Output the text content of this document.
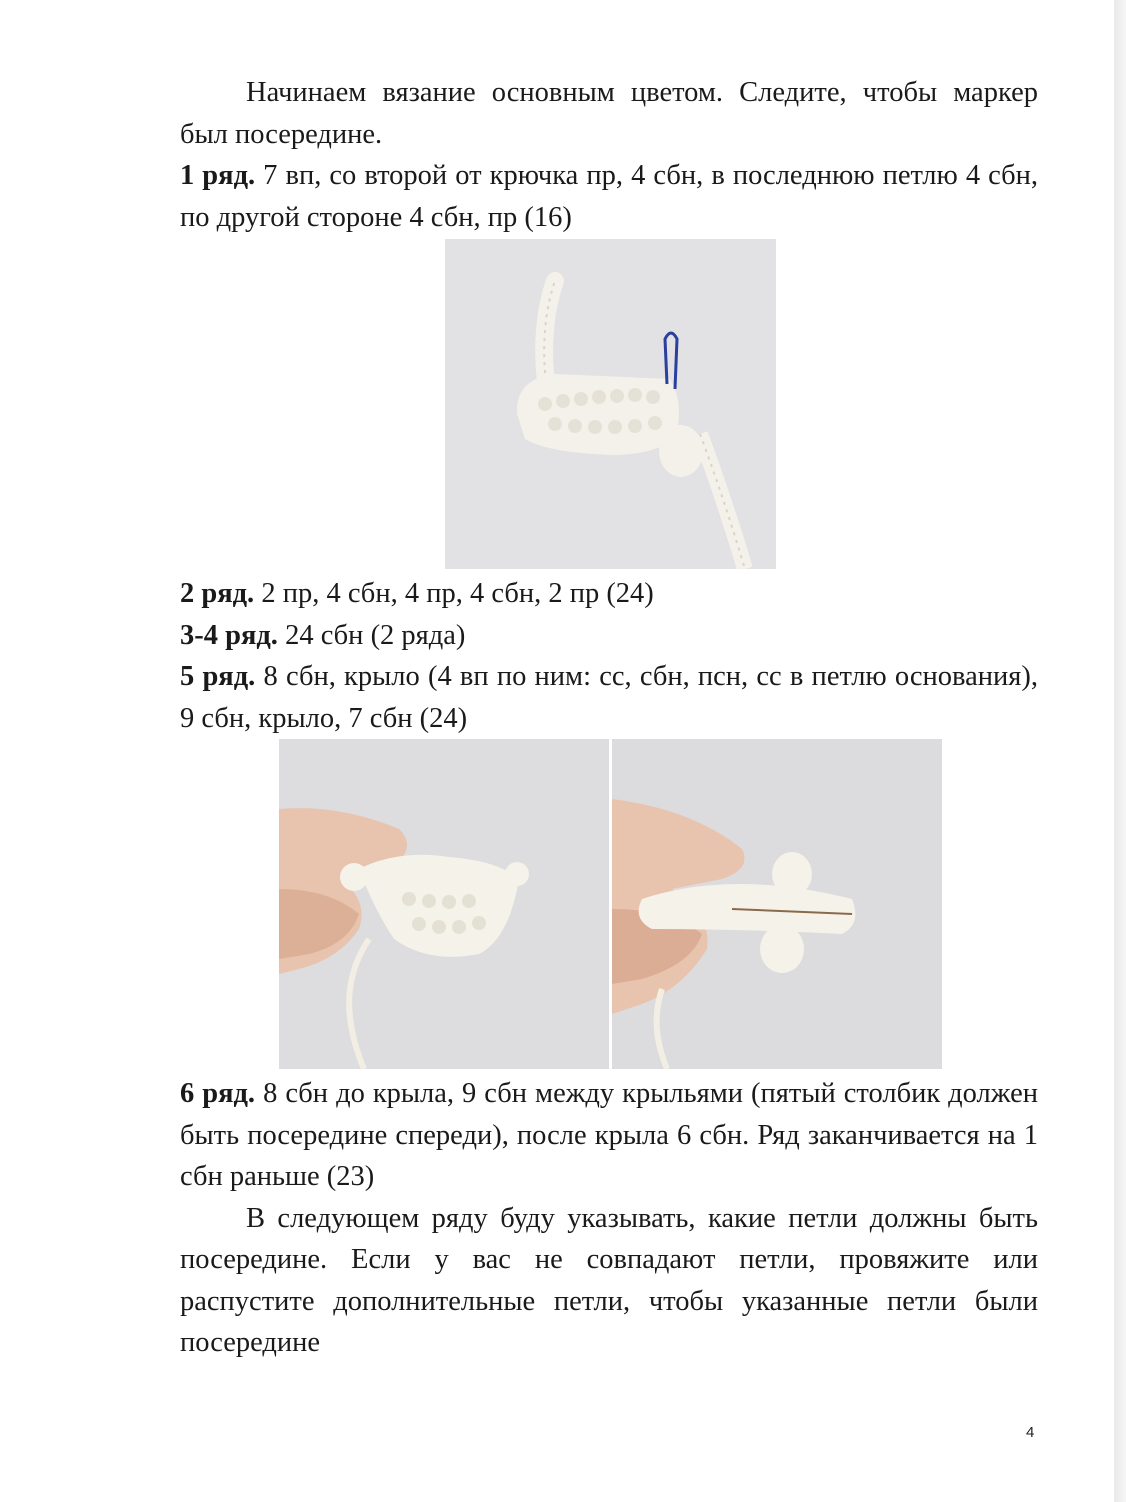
Начинаем вязание основным цветом. Следите, чтобы маркер был посередине.

1 ряд. 7 вп, со второй от крючка пр, 4 сбн, в последнюю петлю 4 сбн, по другой стороне 4 сбн, пр (16)

2 ряд. 2 пр, 4 сбн, 4 пр, 4 сбн, 2 пр (24)

3-4 ряд. 24 сбн (2 ряда)

5 ряд. 8 сбн, крыло (4 вп по ним: сс, сбн, псн, сс в петлю основания), 9 сбн, крыло, 7 сбн (24)

6 ряд. 8 сбн до крыла, 9 сбн между крыльями (пятый столбик должен быть посередине спереди), после крыла 6 сбн. Ряд заканчивается на 1 сбн раньше (23)

В следующем ряду буду указывать, какие петли должны быть посередине. Если у вас не совпадают петли, провяжите или распустите дополнительные петли, чтобы указанные петли были посередине

4
